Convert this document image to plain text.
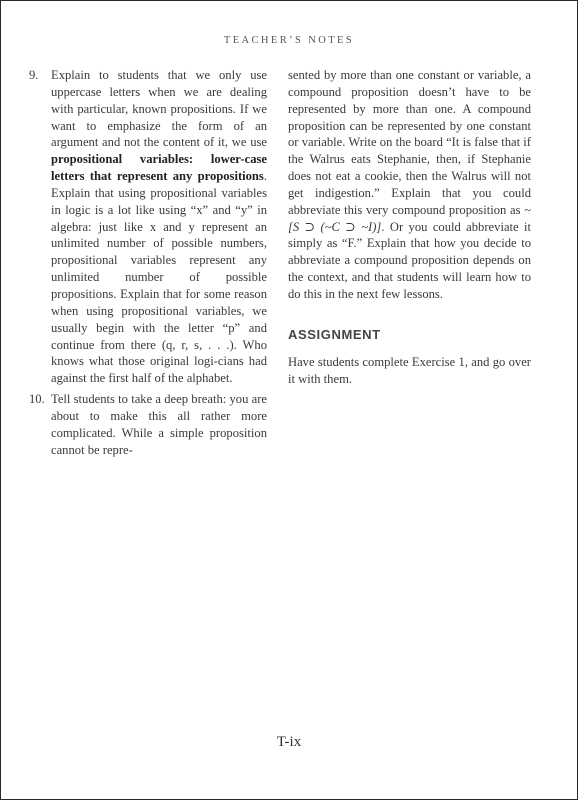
TEACHER’S NOTES
9. Explain to students that we only use uppercase letters when we are dealing with particular, known propositions. If we want to emphasize the form of an argument and not the content of it, we use propositional variables: lower-case letters that represent any propositions. Explain that using propositional variables in logic is a lot like using “x” and “y” in algebra: just like x and y represent an unlimited number of possible numbers, propositional variables represent any unlimited number of possible propositions. Explain that for some reason when using propositional variables, we usually begin with the letter “p” and continue from there (q, r, s, . . .). Who knows what those original logi-cians had against the first half of the alphabet.

10. Tell students to take a deep breath: you are about to make this all rather more complicated. While a simple proposition cannot be repre-

sented by more than one constant or variable, a compound proposition doesn’t have to be represented by more than one. A compound proposition can be represented by one constant or variable. Write on the board “It is false that if the Walrus eats Stephanie, then, if Stephanie does not eat a cookie, then the Walrus will not get indigestion.” Explain that you could abbreviate this very compound proposition as ~[S ⊃ (~C ⊃ ~I)]. Or you could abbreviate it simply as “F.” Explain that how you decide to abbreviate a compound proposition depends on the context, and that students will learn how to do this in the next few lessons.

ASSIGNMENT

Have students complete Exercise 1, and go over it with them.

T-ix
